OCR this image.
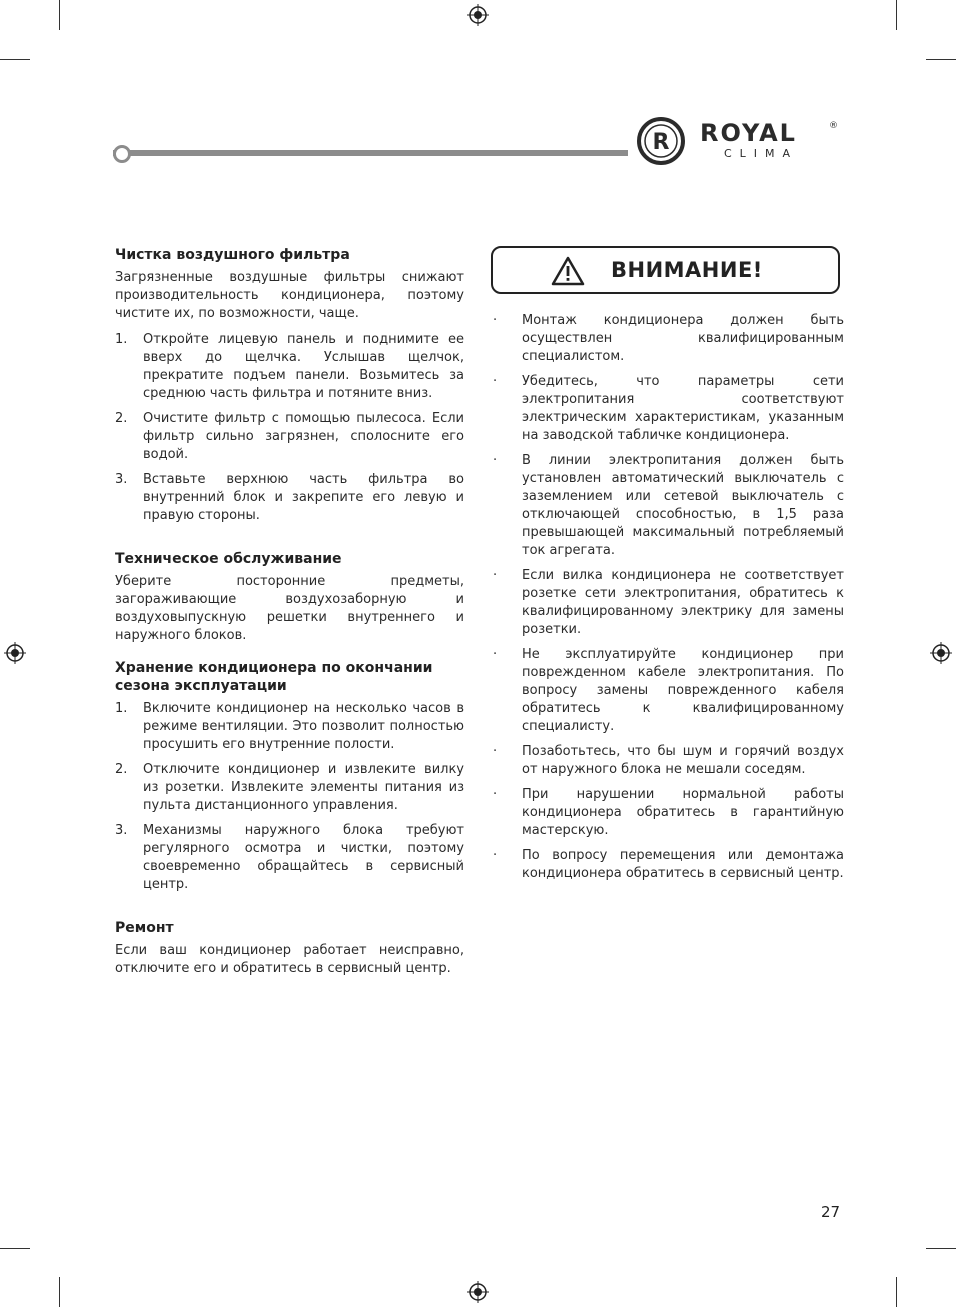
R ROYAL	®
CLIMA
Чистка воздушного фильтра

Загрязненные воздушные фильтры снижают производительность кондиционера, поэтому чистите их, по возможности, чаще.

1. Откройте лицевую панель и поднимите ее вверх до щелчка. Услышав щелчок, прекратите подъем панели. Возьмитесь за среднюю часть фильтра и потяните вниз.
2. Очистите фильтр с помощью пылесоса. Если фильтр сильно загрязнен, сполосните его водой.
3. Вставьте верхнюю часть фильтра во внутренний блок и закрепите его левую и правую стороны.
Техническое обслуживание

Уберите посторонние предметы, загораживающие воздухозаборную и воздуховыпускную решетки внутреннего и наружного блоков.

Хранение кондиционера по окончании сезона эксплуатации
1. Включите кондиционер на несколько часов в режиме вентиляции. Это позволит полностью просушить его внутренние полости.
2. Отключите кондиционер и извлеките вилку из розетки. Извлеките элементы питания из пульта дистанционного управления.
3. Механизмы наружного блока требуют регулярного осмотра и чистки, поэтому своевременно обращайтесь в сервисный центр.
Ремонт

Если ваш кондиционер работает неисправно, отключите его и обратитесь в сервисный центр.

ВНИМАНИЕ!
· Монтаж кондиционера должен быть осуществлен квалифицированным специалистом.
· Убедитесь, что параметры сети электропитания соответствуют электрическим характеристикам, указанным на заводской табличке кондиционера.
· В линии электропитания должен быть установлен автоматический выключатель с заземлением или сетевой выключатель с отключающей способностью, в 1,5 раза превышающей максимальный потребляемый ток агрегата.
· Если вилка кондиционера не соответствует розетке сети электропитания, обратитесь к квалифицированному электрику для замены розетки.
· Не эксплуатируйте кондиционер при поврежденном кабеле электропитания. По вопросу замены поврежденного кабеля обратитесь к квалифицированному специалисту.
· Позаботьтесь, что бы шум и горячий воздух от наружного блока не мешали соседям.
· При нарушении нормальной работы кондиционера обратитесь в гарантийную мастерскую.
· По вопросу перемещения или демонтажа кондиционера обратитесь в сервисный центр.
27
